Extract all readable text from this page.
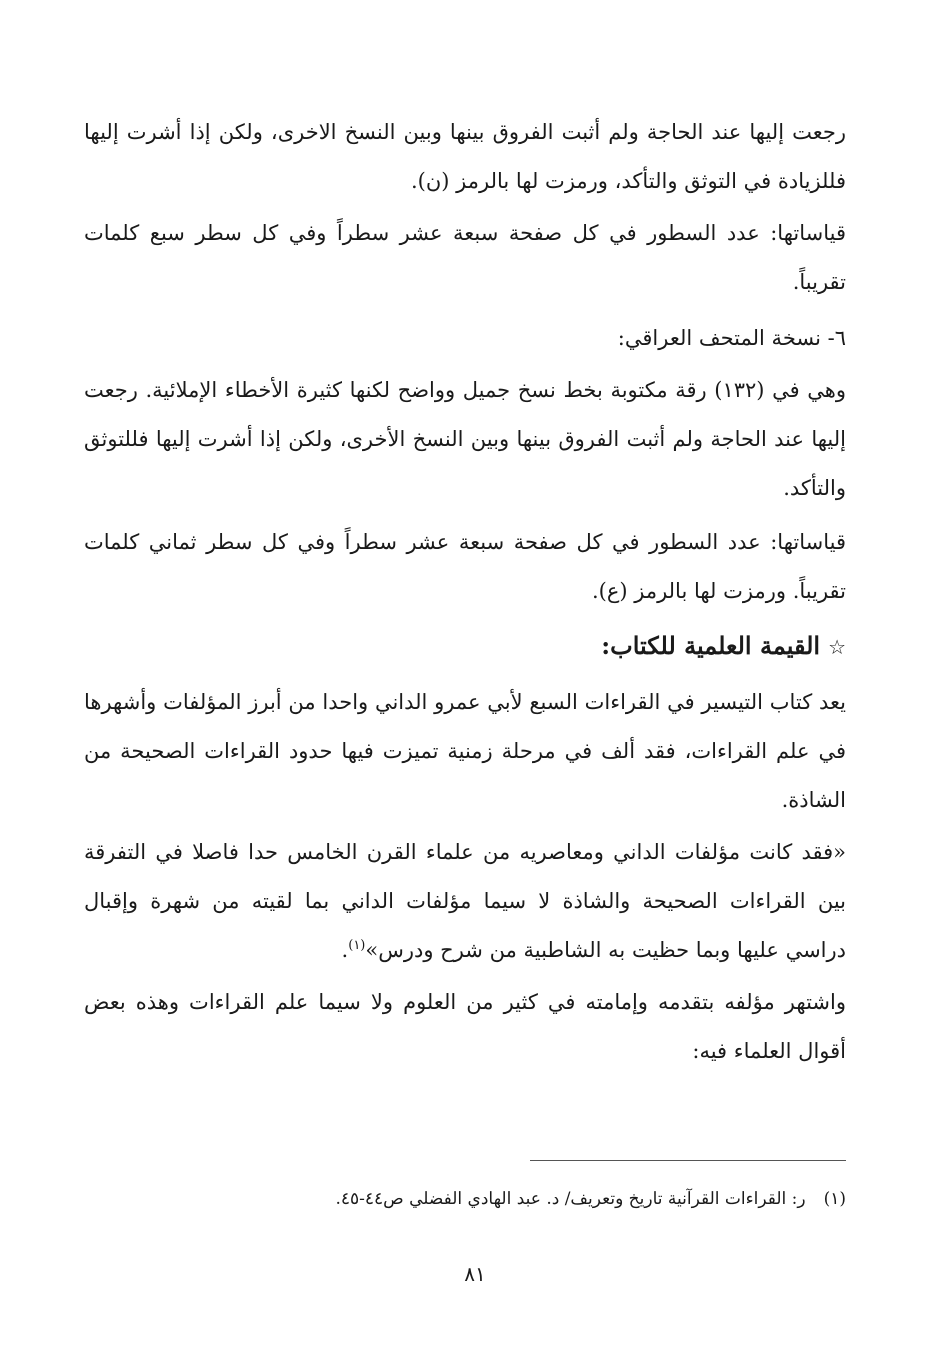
رجعت إليها عند الحاجة ولم أثبت الفروق بينها وبين النسخ الاخرى، ولكن إذا أشرت إليها فللزيادة في التوثق والتأكد، ورمزت لها بالرمز (ن).

قياساتها: عدد السطور في كل صفحة سبعة عشر سطراً وفي كل سطر سبع كلمات تقريباً.

٦- نسخة المتحف العراقي:

وهي في (١٣٢) رقة مكتوبة بخط نسخ جميل وواضح لكنها كثيرة الأخطاء الإملائية. رجعت إليها عند الحاجة ولم أثبت الفروق بينها وبين النسخ الأخرى، ولكن إذا أشرت إليها فللتوثق والتأكد.

قياساتها: عدد السطور في كل صفحة سبعة عشر سطراً وفي كل سطر ثماني كلمات تقريباً. ورمزت لها بالرمز (ع).

☆القيمة العلمية للكتاب:

يعد كتاب التيسير في القراءات السبع لأبي عمرو الداني واحدا من أبرز المؤلفات وأشهرها في علم القراءات، فقد ألف في مرحلة زمنية تميزت فيها حدود القراءات الصحيحة من الشاذة.

«فقد كانت مؤلفات الداني ومعاصريه من علماء القرن الخامس حدا فاصلا في التفرقة بين القراءات الصحيحة والشاذة لا سيما مؤلفات الداني بما لقيته من شهرة وإقبال دراسي عليها وبما حظيت به الشاطبية من شرح ودرس»$^{(١)}$.

واشتهر مؤلفه بتقدمه وإمامته في كثير من العلوم ولا سيما علم القراءات وهذه بعض أقوال العلماء فيه:

(١)ر: القراءات القرآنية تاريخ وتعريف/ د. عبد الهادي الفضلي ص٤٤-٤٥.

٨١
